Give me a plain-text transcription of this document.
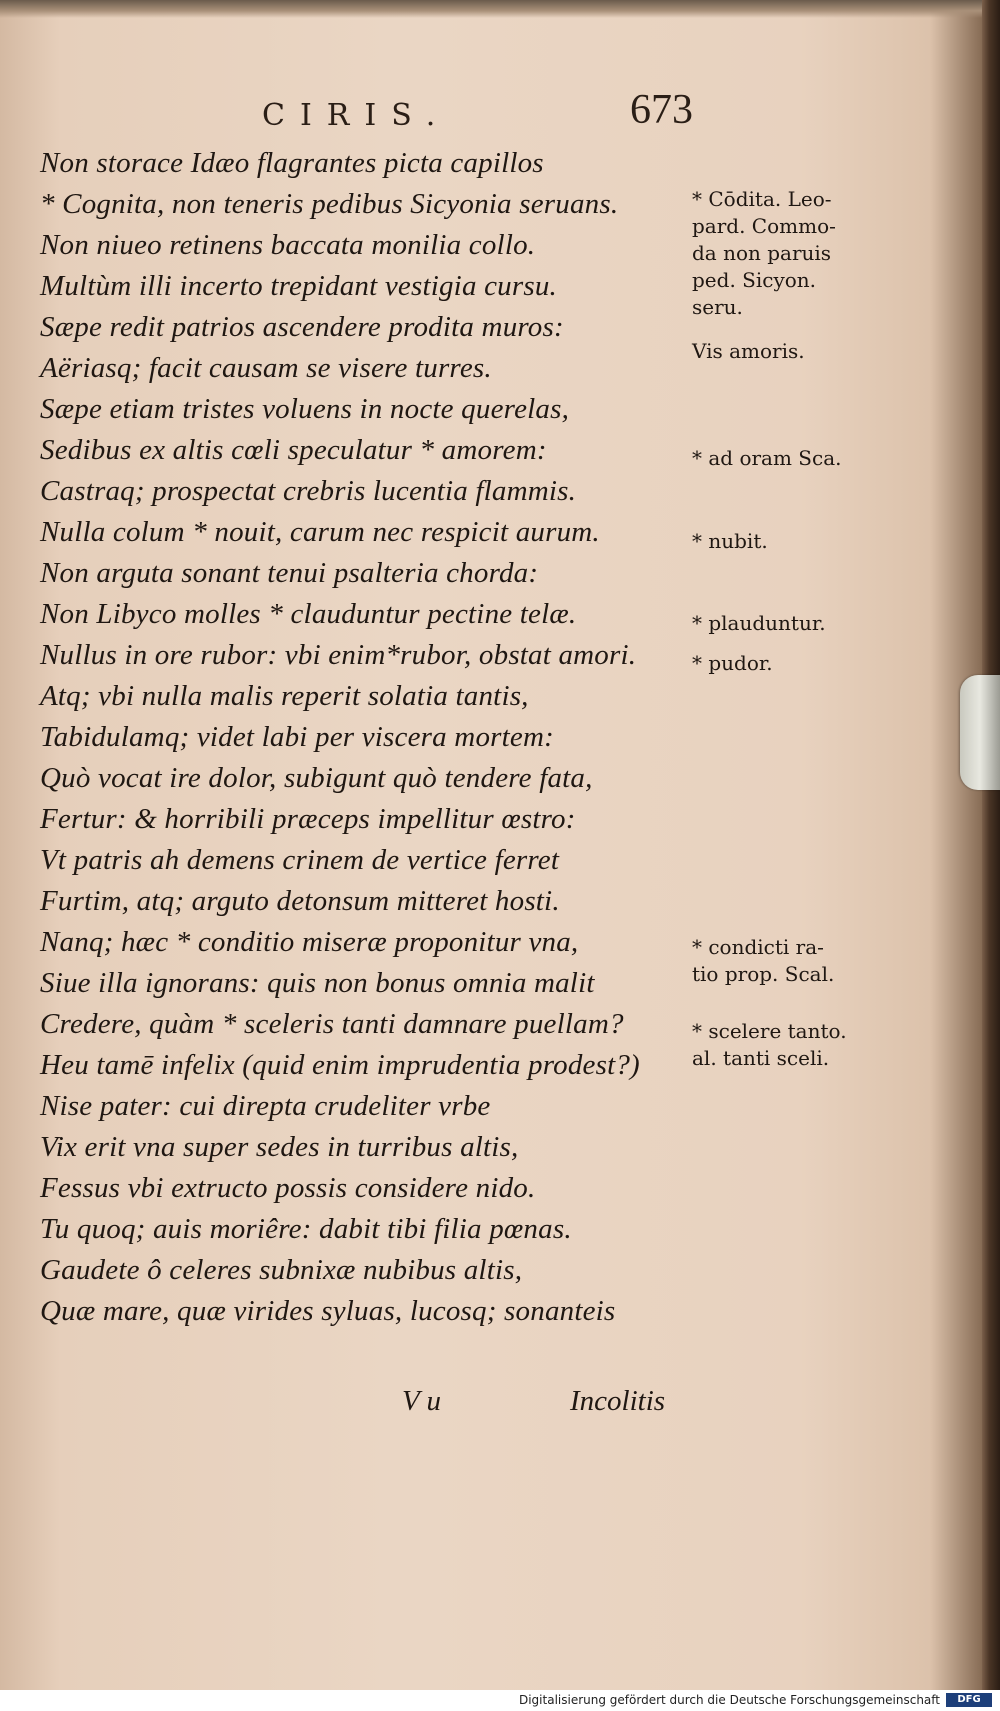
CIRIS.	673
Non storace Idæo flagrantes picta capillos
* Cognita, non teneris pedibus Sicyonia seruans.
Non niueo retinens baccata monilia collo.
Multùm illi incerto trepidant vestigia cursu.
Sæpe redit patrios ascendere prodita muros:
Aëriasq; facit causam se visere turres.
Sæpe etiam tristes voluens in nocte querelas,
Sedibus ex altis cœli speculatur * amorem:
Castraq; prospectat crebris lucentia flammis.
Nulla colum * nouit, carum nec respicit aurum.
Non arguta sonant tenui psalteria chorda:
Non Libyco molles * clauduntur pectine telæ.
Nullus in ore rubor: vbi enim*rubor, obstat amori.
Atq; vbi nulla malis reperit solatia tantis,
Tabidulamq; videt labi per viscera mortem:
Quò vocat ire dolor, subigunt quò tendere fata,
Fertur: & horribili præceps impellitur œstro:
Vt patris ah demens crinem de vertice ferret
Furtim, atq; arguto detonsum mitteret hosti.
Nanq; hæc * conditio miseræ proponitur vna,
Siue illa ignorans: quis non bonus omnia malit
Credere, quàm * sceleris tanti damnare puellam?
Heu tamē infelix (quid enim imprudentia prodest?)
Nise pater: cui direpta crudeliter vrbe
Vix erit vna super sedes in turribus altis,
Fessus vbi extructo possis considere nido.
Tu quoq; auis moriêre: dabit tibi filia pœnas.
Gaudete ô celeres subnixæ nubibus altis,
Quæ mare, quæ virides syluas, lucosq; sonanteis
* Cōdita. Leo-
pard. Commo-
da non paruis
ped. Sicyon.
seru.
Vis amoris.
* ad oram Sca.
* nubit.
* plauduntur.
* pudor.
* condicti ra-
tio prop. Scal.
* scelere tanto.
al. tanti sceli.
V u	Incolitis
Digitalisierung gefördert durch die Deutsche Forschungsgemeinschaft	DFG
